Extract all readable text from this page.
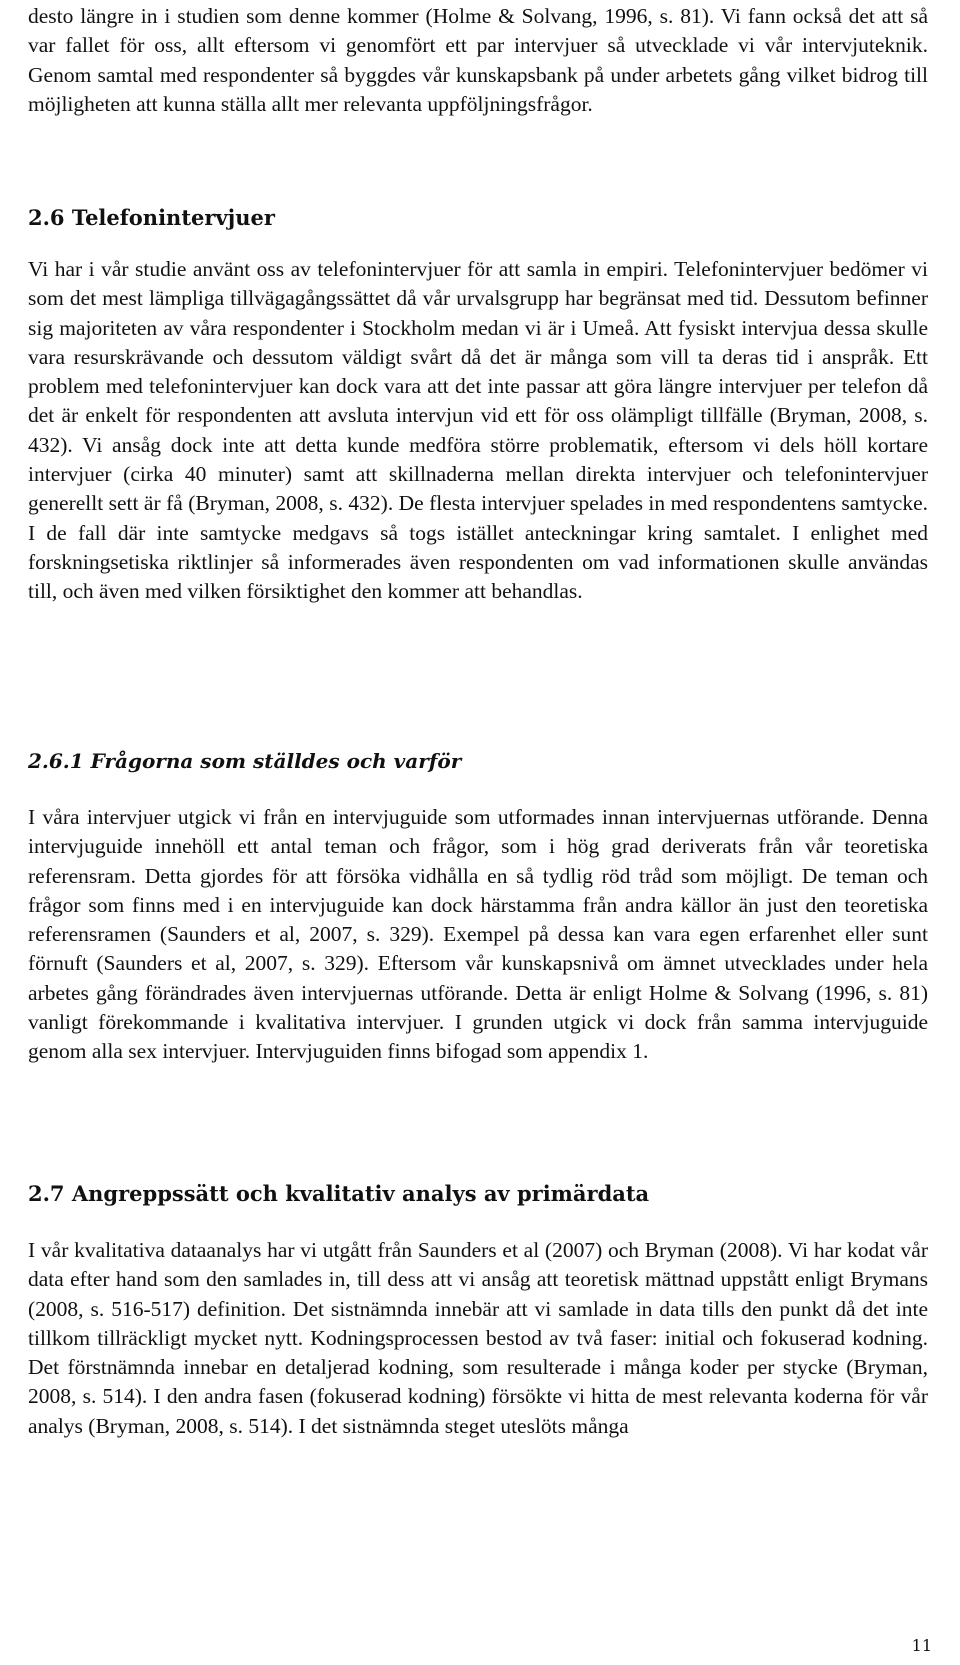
desto längre in i studien som denne kommer (Holme & Solvang, 1996, s. 81). Vi fann också det att så var fallet för oss, allt eftersom vi genomfört ett par intervjuer så utvecklade vi vår intervjuteknik. Genom samtal med respondenter så byggdes vår kunskapsbank på under arbetets gång vilket bidrog till möjligheten att kunna ställa allt mer relevanta uppföljningsfrågor.

2.6 Telefonintervjuer

Vi har i vår studie använt oss av telefonintervjuer för att samla in empiri. Telefonintervjuer bedömer vi som det mest lämpliga tillvägagångssättet då vår urvalsgrupp har begränsat med tid. Dessutom befinner sig majoriteten av våra respondenter i Stockholm medan vi är i Umeå. Att fysiskt intervjua dessa skulle vara resurskrävande och dessutom väldigt svårt då det är många som vill ta deras tid i anspråk. Ett problem med telefonintervjuer kan dock vara att det inte passar att göra längre intervjuer per telefon då det är enkelt för respondenten att avsluta intervjun vid ett för oss olämpligt tillfälle (Bryman, 2008, s. 432). Vi ansåg dock inte att detta kunde medföra större problematik, eftersom vi dels höll kortare intervjuer (cirka 40 minuter) samt att skillnaderna mellan direkta intervjuer och telefonintervjuer generellt sett är få (Bryman, 2008, s. 432). De flesta intervjuer spelades in med respondentens samtycke. I de fall där inte samtycke medgavs så togs istället anteckningar kring samtalet. I enlighet med forskningsetiska riktlinjer så informerades även respondenten om vad informationen skulle användas till, och även med vilken försiktighet den kommer att behandlas.

2.6.1 Frågorna som ställdes och varför

I våra intervjuer utgick vi från en intervjuguide som utformades innan intervjuernas utförande. Denna intervjuguide innehöll ett antal teman och frågor, som i hög grad deriverats från vår teoretiska referensram. Detta gjordes för att försöka vidhålla en så tydlig röd tråd som möjligt. De teman och frågor som finns med i en intervjuguide kan dock härstamma från andra källor än just den teoretiska referensramen (Saunders et al, 2007, s. 329). Exempel på dessa kan vara egen erfarenhet eller sunt förnuft (Saunders et al, 2007, s. 329). Eftersom vår kunskapsnivå om ämnet utvecklades under hela arbetes gång förändrades även intervjuernas utförande. Detta är enligt Holme & Solvang (1996, s. 81) vanligt förekommande i kvalitativa intervjuer. I grunden utgick vi dock från samma intervjuguide genom alla sex intervjuer. Intervjuguiden finns bifogad som appendix 1.

2.7 Angreppssätt och kvalitativ analys av primärdata

I vår kvalitativa dataanalys har vi utgått från Saunders et al (2007) och Bryman (2008). Vi har kodat vår data efter hand som den samlades in, till dess att vi ansåg att teoretisk mättnad uppstått enligt Brymans (2008, s. 516-517) definition. Det sistnämnda innebär att vi samlade in data tills den punkt då det inte tillkom tillräckligt mycket nytt. Kodningsprocessen bestod av två faser: initial och fokuserad kodning. Det förstnämnda innebar en detaljerad kodning, som resulterade i många koder per stycke (Bryman, 2008, s. 514). I den andra fasen (fokuserad kodning) försökte vi hitta de mest relevanta koderna för vår analys (Bryman, 2008, s. 514). I det sistnämnda steget uteslöts många

11
